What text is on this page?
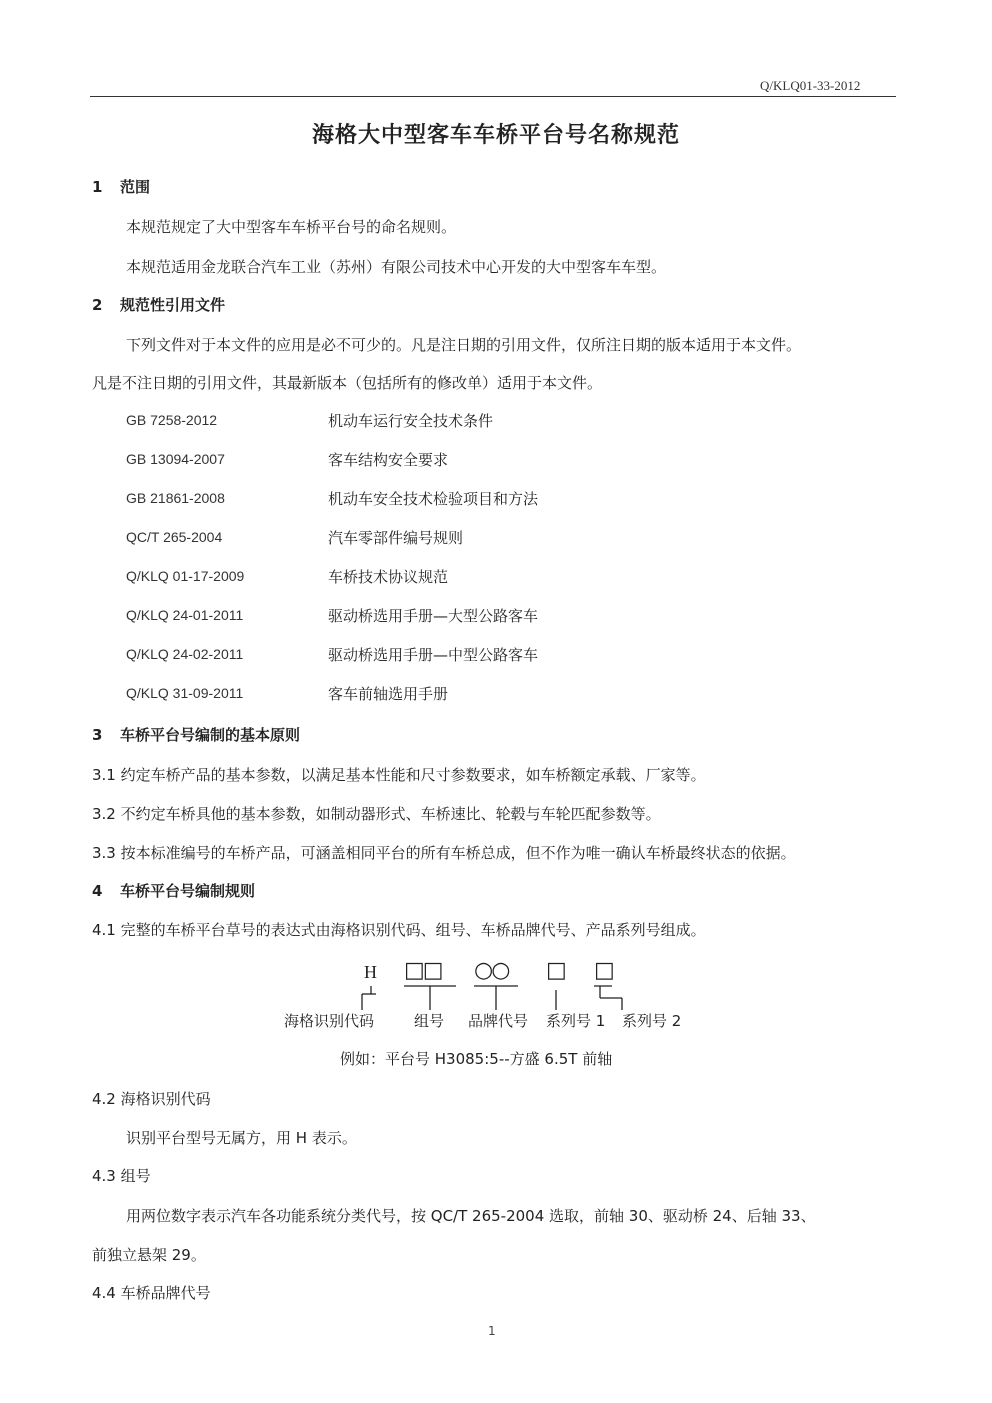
Q/KLQ01-33-2012
海格大中型客车车桥平台号名称规范
1 范围
本规范规定了大中型客车车桥平台号的命名规则。
本规范适用金龙联合汽车工业（苏州）有限公司技术中心开发的大中型客车车型。
2 规范性引用文件
下列文件对于本文件的应用是必不可少的。凡是注日期的引用文件，仅所注日期的版本适用于本文件。
凡是不注日期的引用文件，其最新版本（包括所有的修改单）适用于本文件。
GB 7258-2012	机动车运行安全技术条件
GB 13094-2007	客车结构安全要求
GB 21861-2008	机动车安全技术检验项目和方法
QC/T 265-2004	汽车零部件编号规则
Q/KLQ 01-17-2009	车桥技术协议规范
Q/KLQ 24-01-2011	驱动桥选用手册—大型公路客车
Q/KLQ 24-02-2011	驱动桥选用手册—中型公路客车
Q/KLQ 31-09-2011	客车前轴选用手册
3 车桥平台号编制的基本原则
3.1 约定车桥产品的基本参数，以满足基本性能和尺寸参数要求，如车桥额定承载、厂家等。
3.2 不约定车桥具他的基本参数，如制动器形式、车桥速比、轮毂与车轮匹配参数等。
3.3 按本标准编号的车桥产品，可涵盖相同平台的所有车桥总成，但不作为唯一确认车桥最终状态的依据。
4 车桥平台号编制规则
4.1 完整的车桥平台草号的表达式由海格识别代码、组号、车桥品牌代号、产品系列号组成。
H □□ ○○ □ □
海格识别代码	组号 品牌代号 系列号 1 系列号 2
例如：平台号 H3085:5--方盛 6.5T 前轴
4.2 海格识别代码
识别平台型号无属方，用 H 表示。
4.3 组号
用两位数字表示汽车各功能系统分类代号，按 QC/T 265-2004 选取，前轴 30、驱动桥 24、后轴 33、
前独立悬架 29。
4.4 车桥品牌代号
1
